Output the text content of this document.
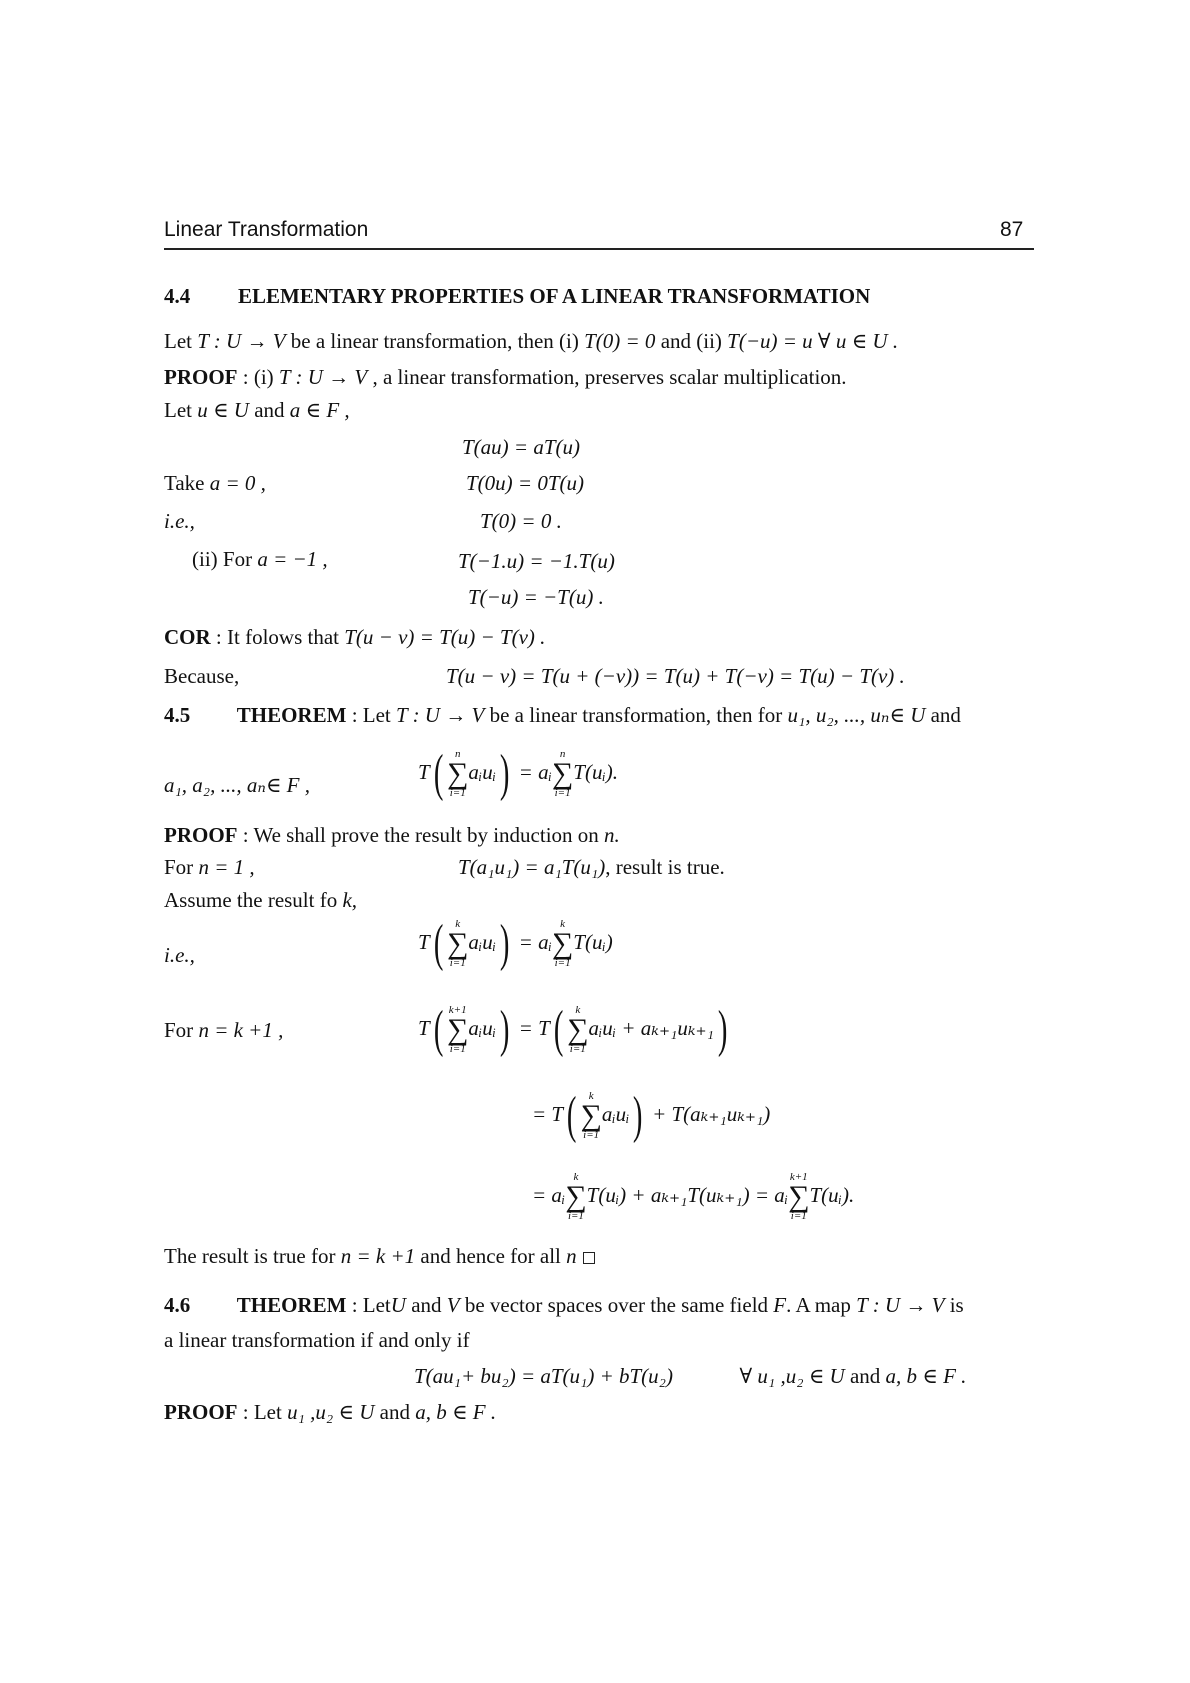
Linear Transformation	87
4.4 ELEMENTARY PROPERTIES OF A LINEAR TRANSFORMATION
Let T : U → V be a linear transformation, then (i) T(0) = 0 and (ii) T(−u) = u ∀ u ∈ U .
PROOF : (i) T : U → V , a linear transformation, preserves scalar multiplication.
Let u ∈ U and a ∈ F ,
T(au) = aT(u)
Take a = 0 ,	T(0u) = 0T(u)
i.e.,	T(0) = 0 .
(ii) For a = −1 ,	T(−1.u) = −1.T(u)
T(−u) = −T(u) .
COR : It folows that T(u − v) = T(u) − T(v) .
Because,	T(u − v) = T(u + (−v)) = T(u) + T(−v) = T(u) − T(v) .
4.5 THEOREM : Let T : U → V be a linear transformation, then for u₁, u₂, ..., uₙ∈ U and
a₁, a₂, ..., aₙ∈ F ,
T(	n
∑
i=1
aᵢuᵢ) = aᵢ
n
∑
i=1
T(uᵢ).
PROOF : We shall prove the result by induction on n.
For n = 1 ,	T(a₁u₁) = a₁T(u₁), result is true.
Assume the result fo k,
i.e.,
T(	k
∑
i=1
aᵢuᵢ) = aᵢ
k
∑
i=1
T(uᵢ)
For n = k +1 ,	T( k+1
∑
i=1
aᵢuᵢ) = T(	k
∑
i=1
aᵢuᵢ + aₖ₊₁uₖ₊₁)
= T(	k
∑
i=1
aᵢuᵢ) + T(aₖ₊₁uₖ₊₁)
= aᵢ
k
∑
i=1
T(uᵢ) + aₖ₊₁T(uₖ₊₁) = aᵢ
k+1
∑
i=1
T(uᵢ).
The result is true for n = k +1 and hence for all n
4.6 THEOREM : LetU and V be vector spaces over the same field F. A map T : U → V is
a linear transformation if and only if
T(au₁+ bu₂) = aT(u₁) + bT(u₂)	∀ u₁ ,u₂ ∈ U and a, b ∈ F .
PROOF : Let u₁ ,u₂ ∈ U and a, b ∈ F .
